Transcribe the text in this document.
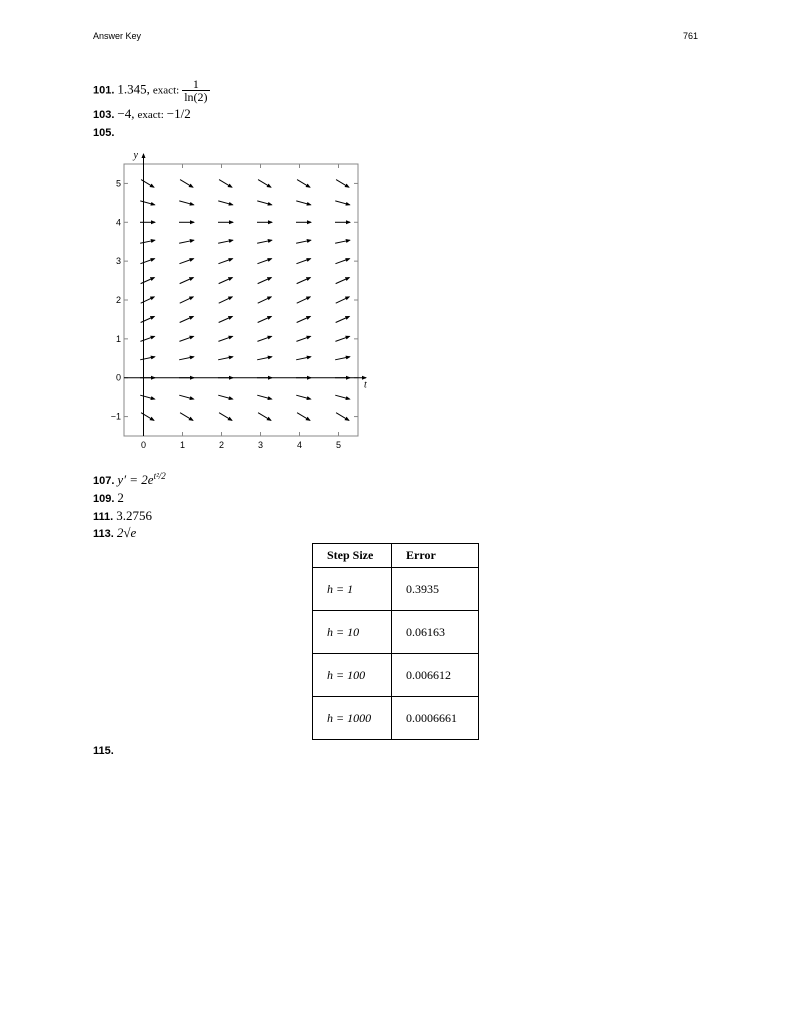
Answer Key	761
101. 1.345, exact: $\frac{1}{\ln(2)}$
103. −4, exact: −1/2
105.
0	1	2	3	4	5
−1
0
1
2
3
4
5
t
y
107. $y' = 2e^{t^2/2}$
109. 2
111. 3.2756
113. 2√e
Step Size	Error
h = 1	0.3935
h = 10	0.06163
h = 100	0.006612
h = 1000	0.0006661
115.
